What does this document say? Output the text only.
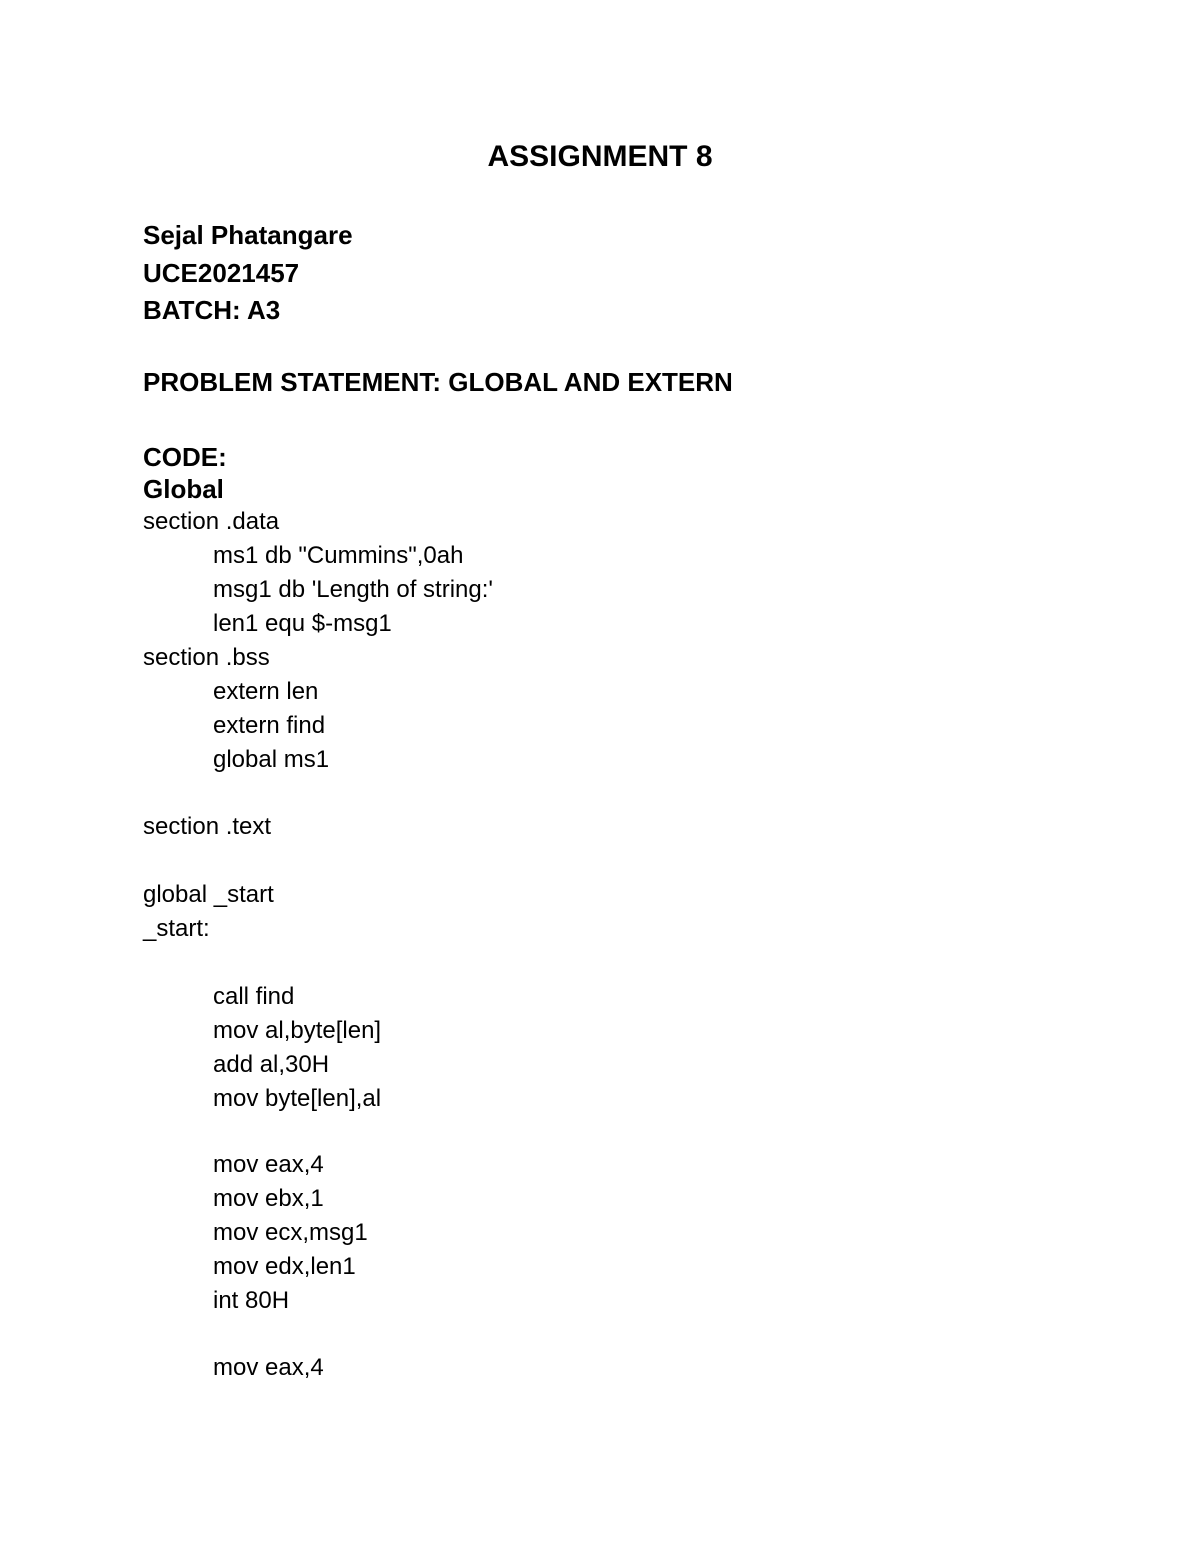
ASSIGNMENT 8
Sejal Phatangare
UCE2021457
BATCH: A3
PROBLEM STATEMENT: GLOBAL AND EXTERN
CODE:
Global
section .data
ms1 db "Cummins",0ah
msg1 db 'Length of string:'
len1 equ $-msg1
section .bss
extern len
extern find
global ms1
section .text
global _start
_start:
call find
mov al,byte[len]
add al,30H
mov byte[len],al
mov eax,4
mov ebx,1
mov ecx,msg1
mov edx,len1
int 80H
mov eax,4
